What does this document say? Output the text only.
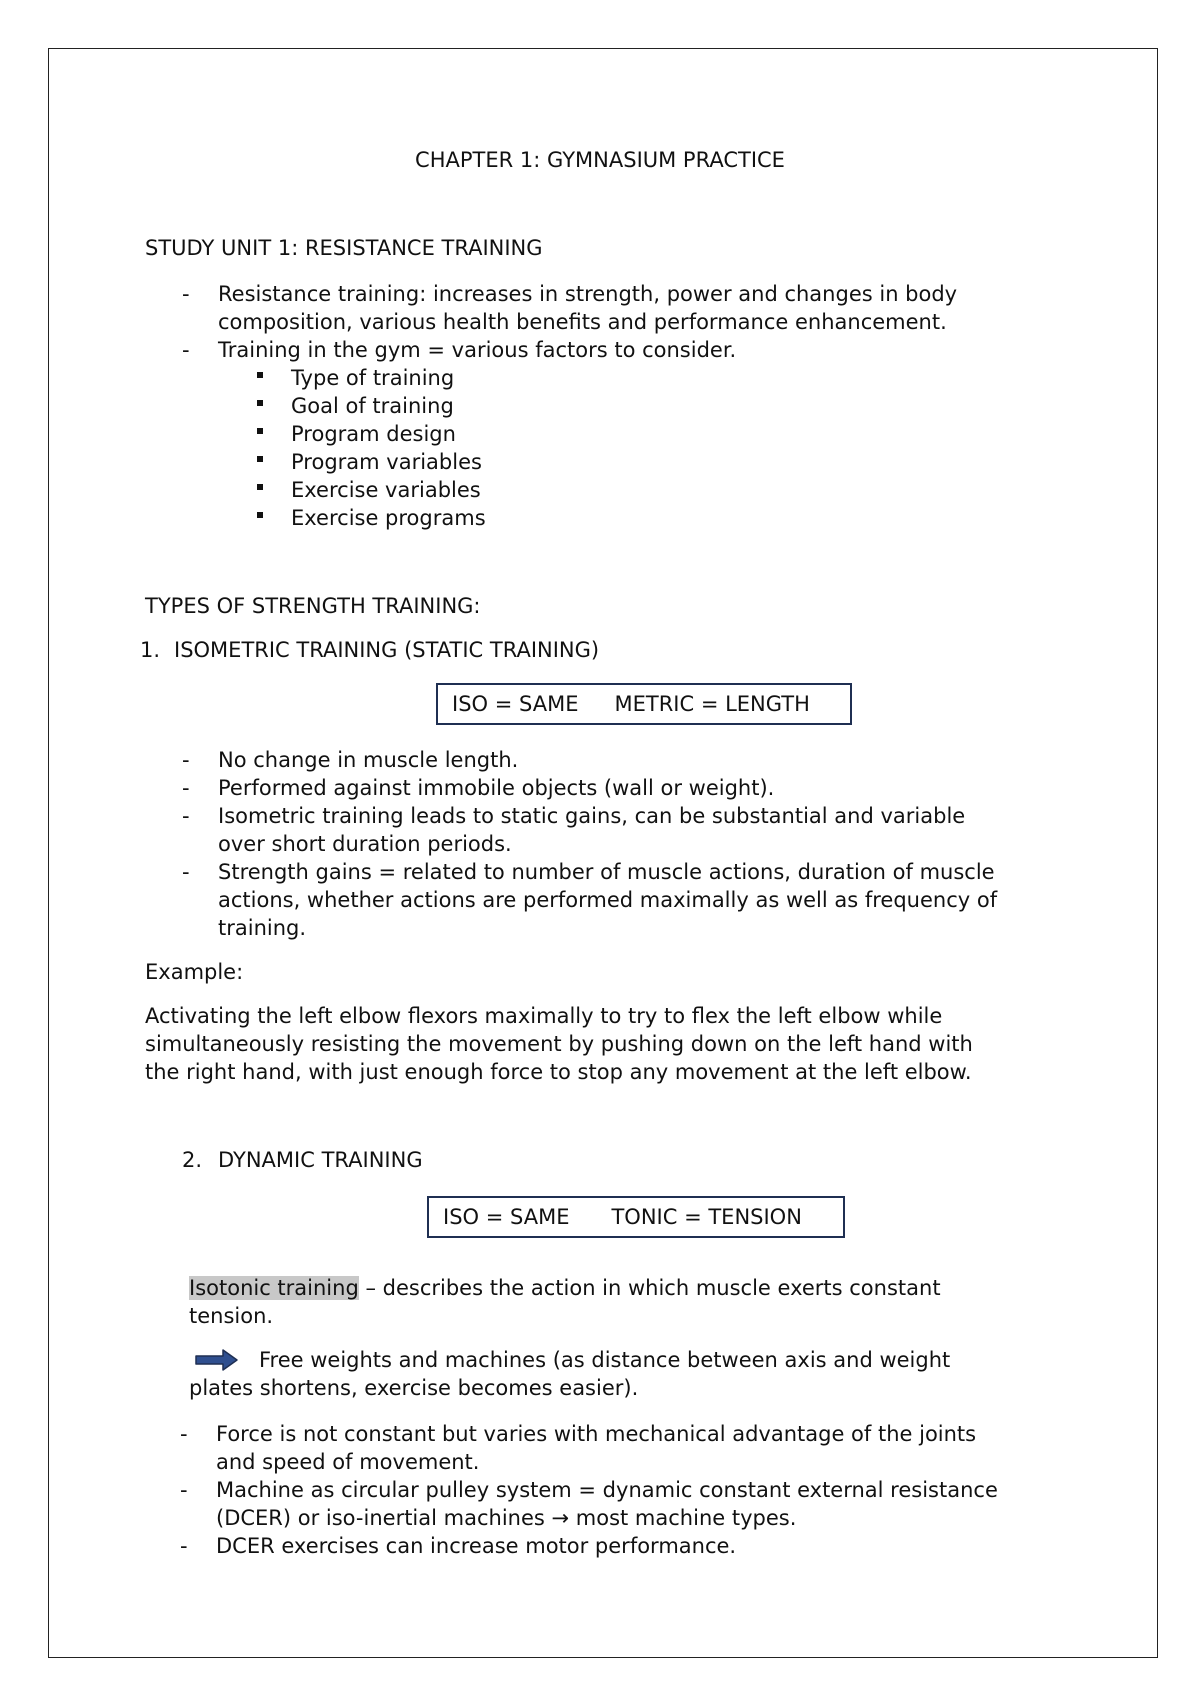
CHAPTER 1: GYMNASIUM PRACTICE
STUDY UNIT 1: RESISTANCE TRAINING
- Resistance training: increases in strength, power and changes in body
composition, various health benefits and performance enhancement.
- Training in the gym = various factors to consider.
Type of training
Goal of training
Program design
Program variables
Exercise variables
Exercise programs
TYPES OF STRENGTH TRAINING:
1. ISOMETRIC TRAINING (STATIC TRAINING)
ISO = SAME METRIC = LENGTH
- No change in muscle length.
- Performed against immobile objects (wall or weight).
- Isometric training leads to static gains, can be substantial and variable
over short duration periods.
- Strength gains = related to number of muscle actions, duration of muscle
actions, whether actions are performed maximally as well as frequency of
training.
Example:
Activating the left elbow flexors maximally to try to flex the left elbow while
simultaneously resisting the movement by pushing down on the left hand with
the right hand, with just enough force to stop any movement at the left elbow.
2. DYNAMIC TRAINING
ISO = SAME TONIC = TENSION
Isotonic training – describes the action in which muscle exerts constant
tension.
Free weights and machines (as distance between axis and weight
plates shortens, exercise becomes easier).
- Force is not constant but varies with mechanical advantage of the joints
and speed of movement.
- Machine as circular pulley system = dynamic constant external resistance
(DCER) or iso-inertial machines → most machine types.
- DCER exercises can increase motor performance.
